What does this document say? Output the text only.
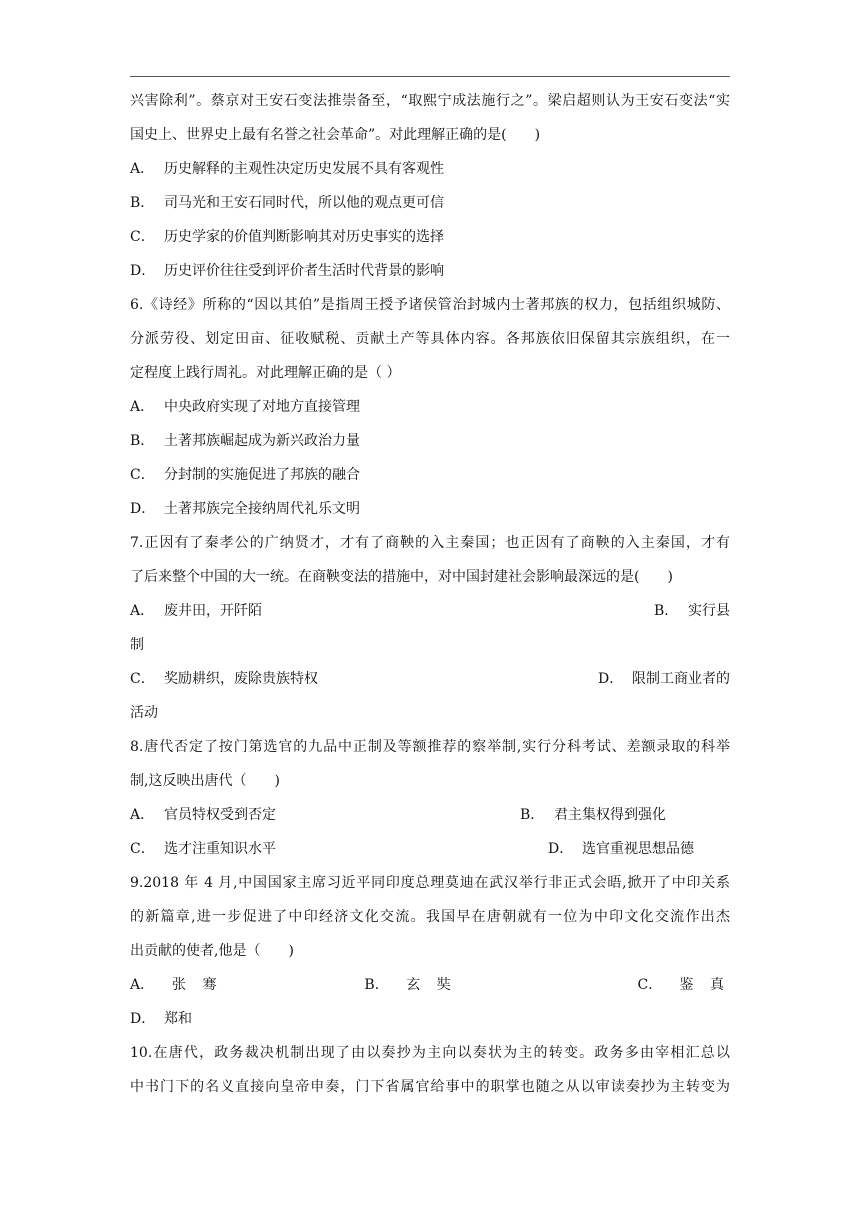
兴害除利”。蔡京对王安石变法推崇备至，“取熙宁成法施行之”。梁启超则认为王安石变法“实
国史上、世界史上最有名誉之社会革命”。对此理解正确的是(　　)
A． 历史解释的主观性决定历史发展不具有客观性
B． 司马光和王安石同时代，所以他的观点更可信
C． 历史学家的价值判断影响其对历史事实的选择
D． 历史评价往往受到评价者生活时代背景的影响
6.《诗经》所称的“因以其伯”是指周王授予诸侯管治封城内士著邦族的权力，包括组织城防、
分派劳役、划定田亩、征收赋税、贡献土产等具体内容。各邦族依旧保留其宗族组织，在一
定程度上践行周礼。对此理解正确的是（ ）
A． 中央政府实现了对地方直接管理
B． 土著邦族崛起成为新兴政治力量
C． 分封制的实施促进了邦族的融合
D． 土著邦族完全接纳周代礼乐文明
7.正因有了秦孝公的广纳贤才，才有了商鞅的入主秦国；也正因有了商鞅的入主秦国，才有
了后来整个中国的大一统。在商鞅变法的措施中，对中国封建社会影响最深远的是(　　)
A． 废井田，开阡陌	B． 实行县
制
C． 奖励耕织，废除贵族特权	D． 限制工商业者的
活动
8.唐代否定了按门第选官的九品中正制及等额推荐的察举制,实行分科考试、差额录取的科举
制,这反映出唐代（　　)
A． 官员特权受到否定	B． 君主集权得到强化
C． 选才注重知识水平	D． 选官重视思想品德
9.2018 年 4 月,中国国家主席习近平同印度总理莫迪在武汉举行非正式会晤,掀开了中印关系
的新篇章,进一步促进了中印经济文化交流。我国早在唐朝就有一位为中印文化交流作出杰
出贡献的使者,他是（　　)
A．	张 骞	B．	玄 奘	C．	鉴 真
D． 郑和
10.在唐代，政务裁决机制出现了由以奏抄为主向以奏状为主的转变。政务多由宰相汇总以
中书门下的名义直接向皇帝申奏，门下省属官给事中的职掌也随之从以审读奏抄为主转变为
